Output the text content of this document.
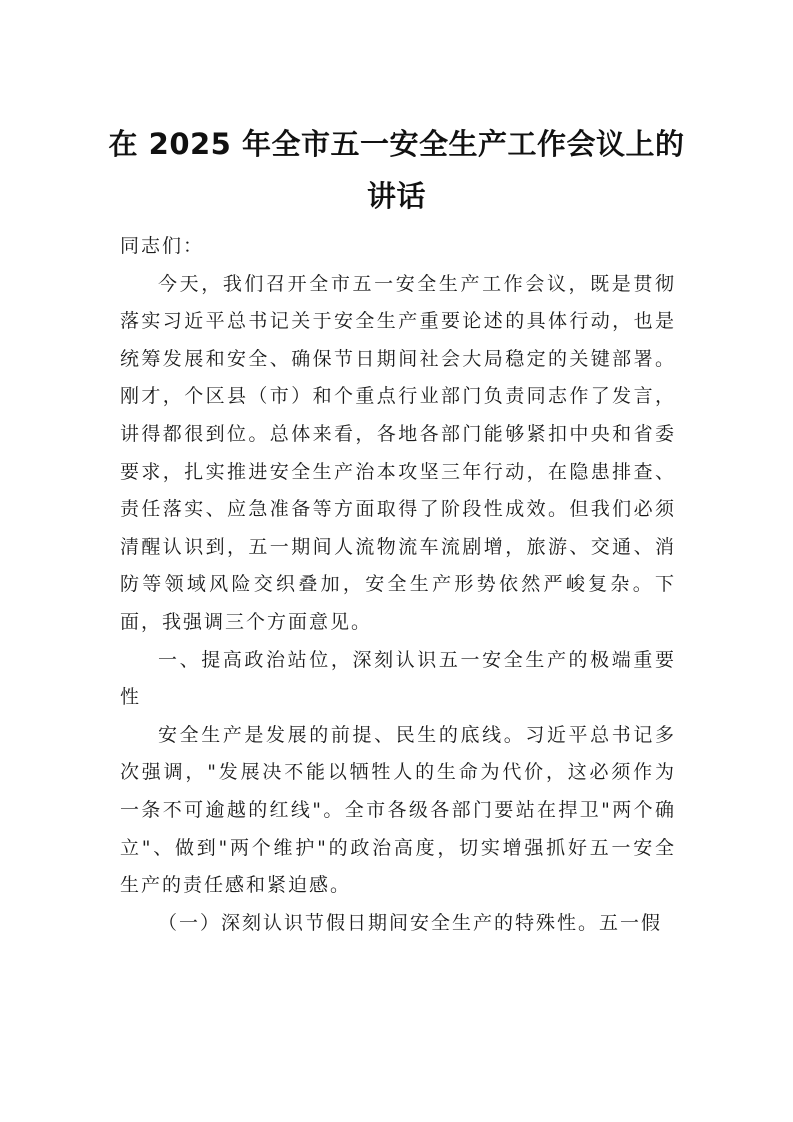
在 2025 年全市五一安全生产工作会议上的讲话

同志们：

今天，我们召开全市五一安全生产工作会议，既是贯彻落实习近平总书记关于安全生产重要论述的具体行动，也是统筹发展和安全、确保节日期间社会大局稳定的关键部署。刚才，个区县（市）和个重点行业部门负责同志作了发言，讲得都很到位。总体来看，各地各部门能够紧扣中央和省委要求，扎实推进安全生产治本攻坚三年行动，在隐患排查、责任落实、应急准备等方面取得了阶段性成效。但我们必须清醒认识到，五一期间人流物流车流剧增，旅游、交通、消防等领域风险交织叠加，安全生产形势依然严峻复杂。下面，我强调三个方面意见。

一、提高政治站位，深刻认识五一安全生产的极端重要性

安全生产是发展的前提、民生的底线。习近平总书记多次强调，"发展决不能以牺牲人的生命为代价，这必须作为一条不可逾越的红线"。全市各级各部门要站在捍卫"两个确立"、做到"两个维护"的政治高度，切实增强抓好五一安全生产的责任感和紧迫感。

（一）深刻认识节假日期间安全生产的特殊性。五一假
